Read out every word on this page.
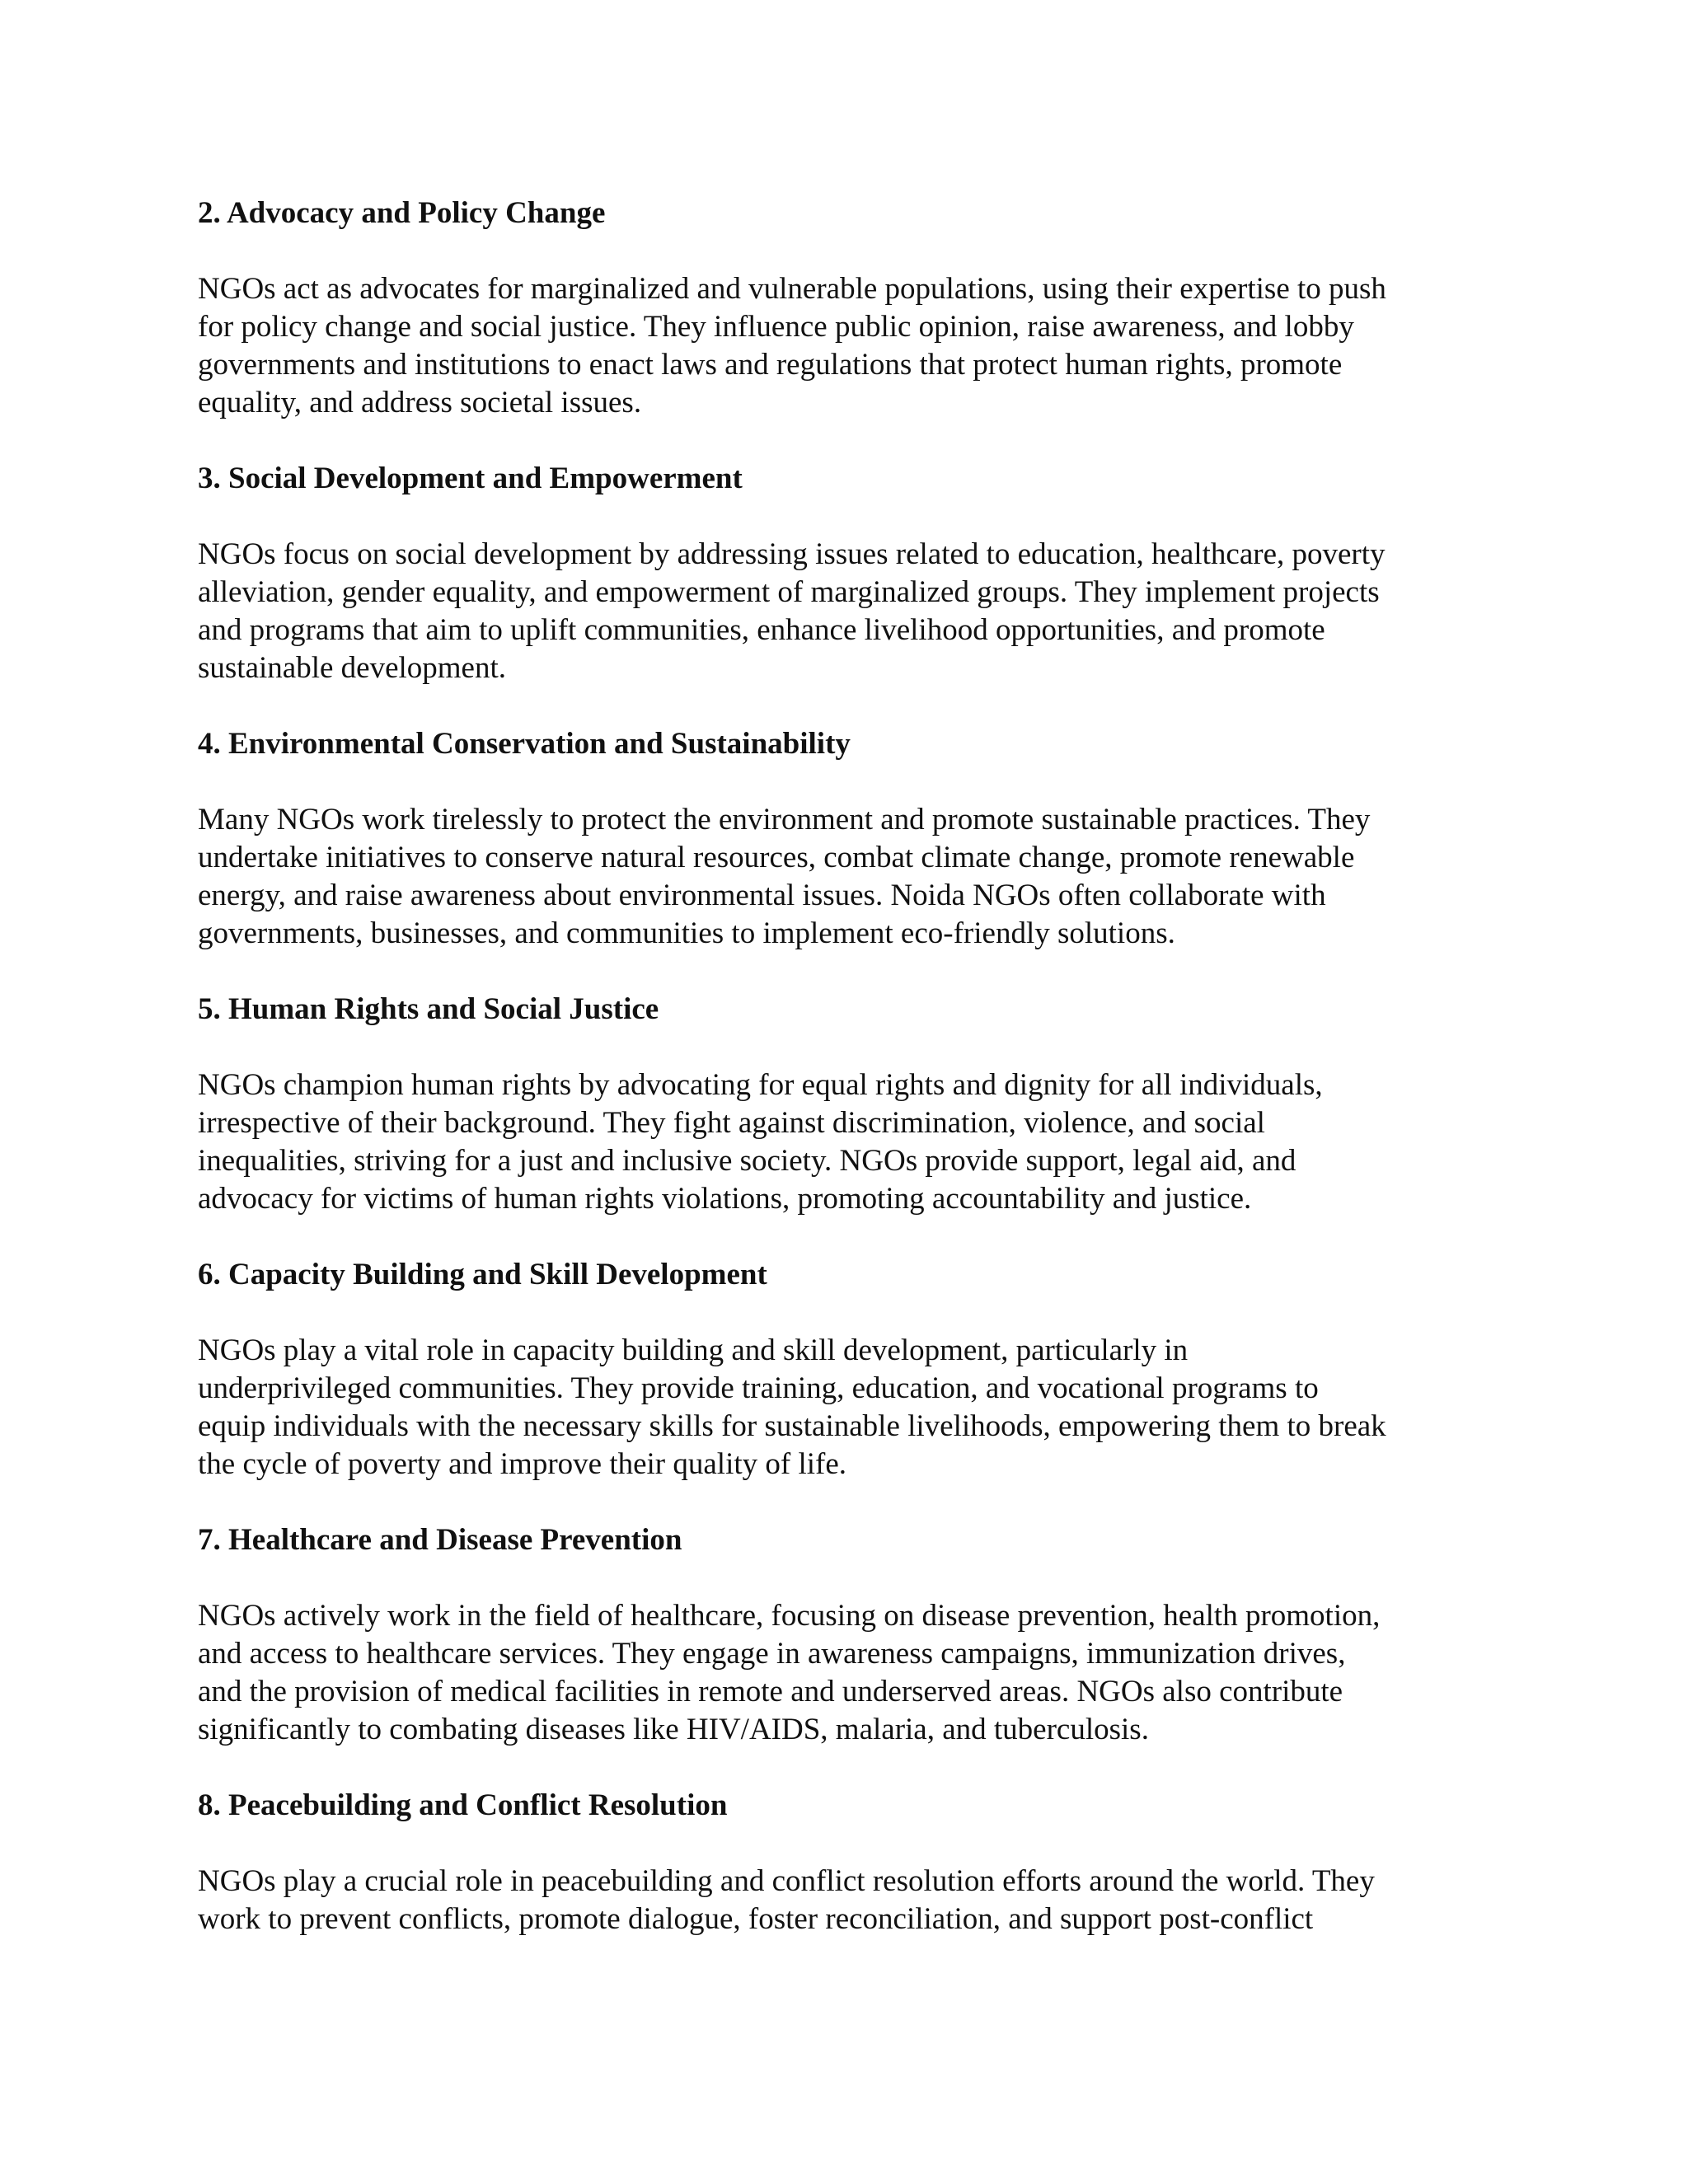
2. Advocacy and Policy Change

NGOs act as advocates for marginalized and vulnerable populations, using their expertise to push
for policy change and social justice. They influence public opinion, raise awareness, and lobby
governments and institutions to enact laws and regulations that protect human rights, promote
equality, and address societal issues.

3. Social Development and Empowerment

NGOs focus on social development by addressing issues related to education, healthcare, poverty
alleviation, gender equality, and empowerment of marginalized groups. They implement projects
and programs that aim to uplift communities, enhance livelihood opportunities, and promote
sustainable development.

4. Environmental Conservation and Sustainability

Many NGOs work tirelessly to protect the environment and promote sustainable practices. They
undertake initiatives to conserve natural resources, combat climate change, promote renewable
energy, and raise awareness about environmental issues. Noida NGOs often collaborate with
governments, businesses, and communities to implement eco-friendly solutions.

5. Human Rights and Social Justice

NGOs champion human rights by advocating for equal rights and dignity for all individuals,
irrespective of their background. They fight against discrimination, violence, and social
inequalities, striving for a just and inclusive society. NGOs provide support, legal aid, and
advocacy for victims of human rights violations, promoting accountability and justice.

6. Capacity Building and Skill Development

NGOs play a vital role in capacity building and skill development, particularly in
underprivileged communities. They provide training, education, and vocational programs to
equip individuals with the necessary skills for sustainable livelihoods, empowering them to break
the cycle of poverty and improve their quality of life.

7. Healthcare and Disease Prevention

NGOs actively work in the field of healthcare, focusing on disease prevention, health promotion,
and access to healthcare services. They engage in awareness campaigns, immunization drives,
and the provision of medical facilities in remote and underserved areas. NGOs also contribute
significantly to combating diseases like HIV/AIDS, malaria, and tuberculosis.

8. Peacebuilding and Conflict Resolution

NGOs play a crucial role in peacebuilding and conflict resolution efforts around the world. They
work to prevent conflicts, promote dialogue, foster reconciliation, and support post-conflict
